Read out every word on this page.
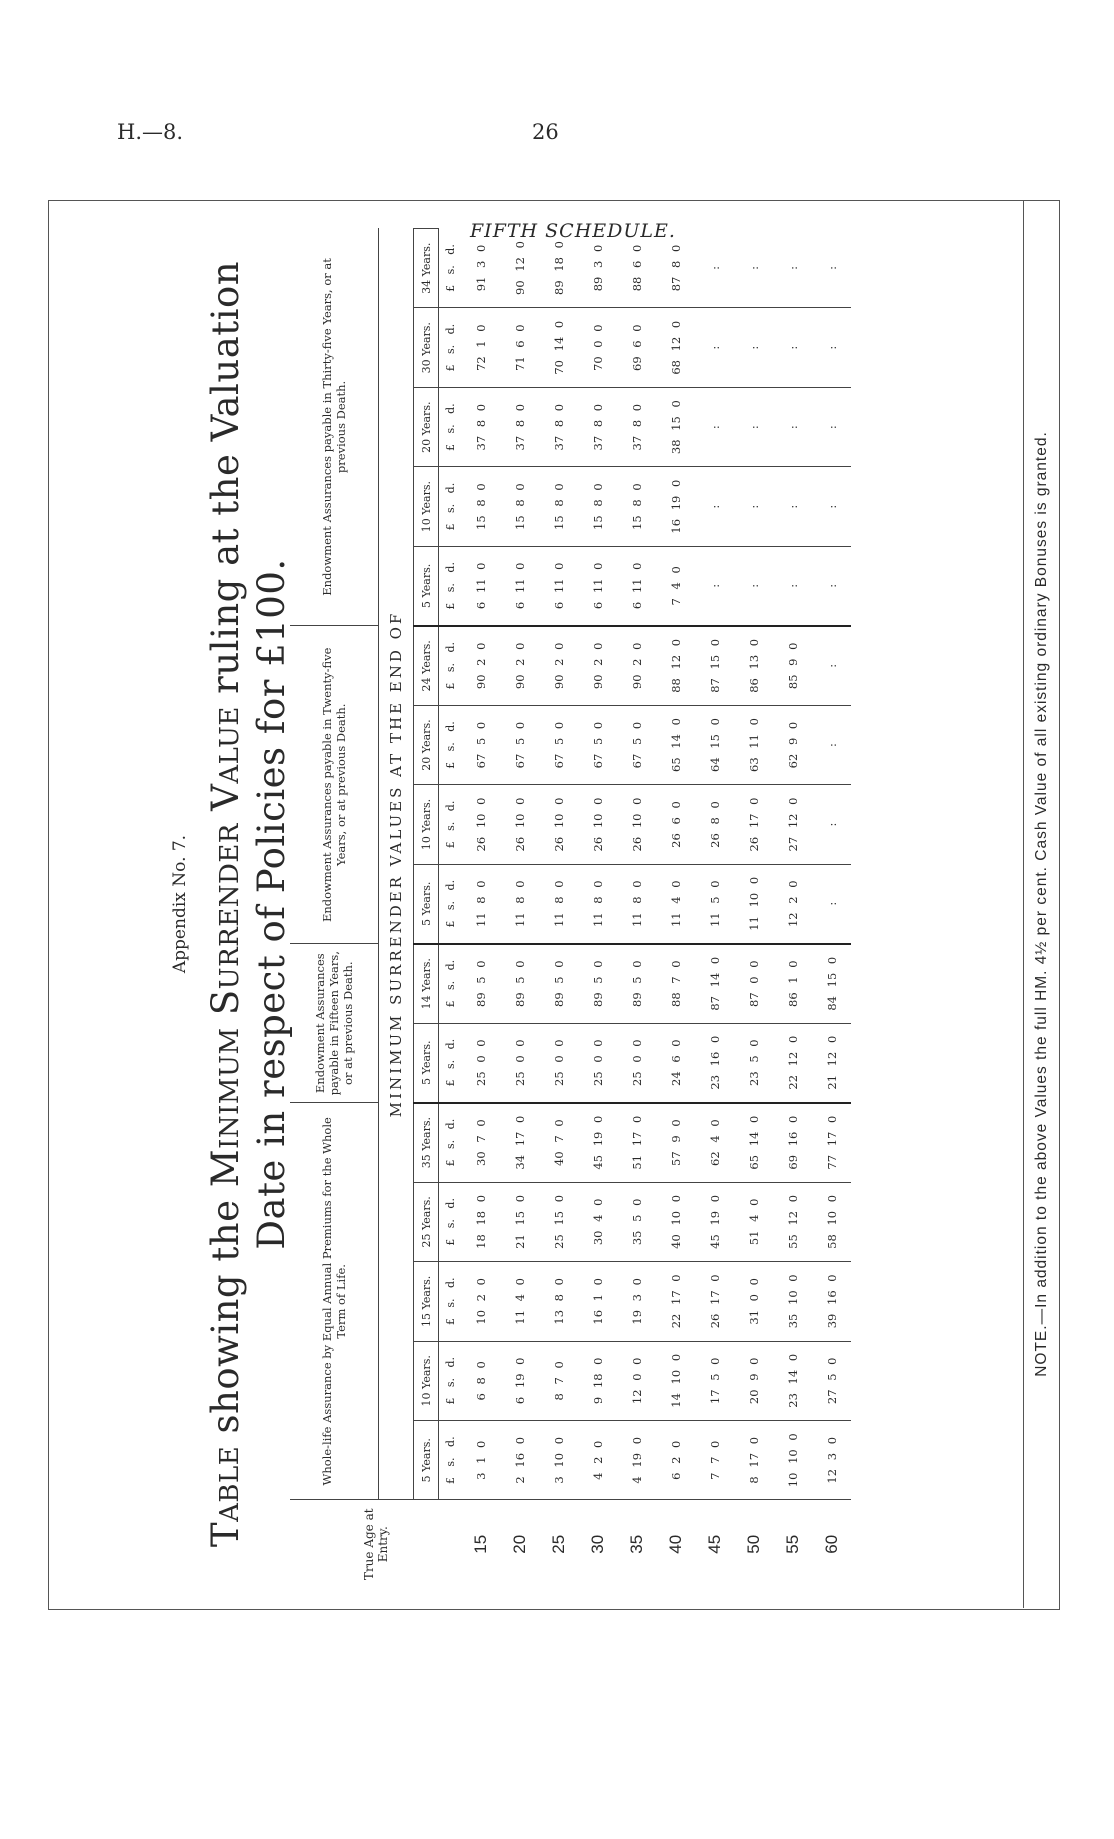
H.—8.	26
FIFTH SCHEDULE.
Appendix No. 7.
Table showing the Minimum Surrender Value ruling at the Valuation
Date in respect of Policies for £100.
True Age at Entry.	Whole-life Assurance by Equal Annual Premiums for the Whole Term of Life.					Endowment Assurances payable in Fifteen Years, or at previous Death.		Endowment Assurances payable in Twenty-five Years, or at previous Death.				Endowment Assurances payable in Thirty-five Years, or at previous Death.				
	MINIMUM SURRENDER VALUES AT THE END OF															
	5 Years.	10 Years.	15 Years.	25 Years.	35 Years.	5 Years.	14 Years.	5 Years.	10 Years.	20 Years.	24 Years.	5 Years.	10 Years.	20 Years.	30 Years.	34 Years.
	£ s. d.	£ s. d.	£ s. d.	£ s. d.	£ s. d.	£ s. d.	£ s. d.	£ s. d.	£ s. d.	£ s. d.	£ s. d.	£ s. d.	£ s. d.	£ s. d.	£ s. d.	£ s. d.
15	3 1 0	6 8 0	10 2 0	18 18 0	30 7 0	25 0 0	89 5 0	11 8 0	26 10 0	67 5 0	90 2 0	6 11 0	15 8 0	37 8 0	72 1 0	91 3 0
20	2 16 0	6 19 0	11 4 0	21 15 0	34 17 0	25 0 0	89 5 0	11 8 0	26 10 0	67 5 0	90 2 0	6 11 0	15 8 0	37 8 0	71 6 0	90 12 0
25	3 10 0	8 7 0	13 8 0	25 15 0	40 7 0	25 0 0	89 5 0	11 8 0	26 10 0	67 5 0	90 2 0	6 11 0	15 8 0	37 8 0	70 14 0	89 18 0
30	4 2 0	9 18 0	16 1 0	30 4 0	45 19 0	25 0 0	89 5 0	11 8 0	26 10 0	67 5 0	90 2 0	6 11 0	15 8 0	37 8 0	70 0 0	89 3 0
35	4 19 0	12 0 0	19 3 0	35 5 0	51 17 0	25 0 0	89 5 0	11 8 0	26 10 0	67 5 0	90 2 0	6 11 0	15 8 0	37 8 0	69 6 0	88 6 0
40	6 2 0	14 10 0	22 17 0	40 10 0	57 9 0	24 6 0	88 7 0	11 4 0	26 6 0	65 14 0	88 12 0	7 4 0	16 19 0	38 15 0	68 12 0	87 8 0
45	7 7 0	17 5 0	26 17 0	45 19 0	62 4 0	23 16 0	87 14 0	11 5 0	26 8 0	64 15 0	87 15 0	:	:	:	:	:
50	8 17 0	20 9 0	31 0 0	51 4 0	65 14 0	23 5 0	87 0 0	11 10 0	26 17 0	63 11 0	86 13 0	:	:	:	:	:
55	10 10 0	23 14 0	35 10 0	55 12 0	69 16 0	22 12 0	86 1 0	12 2 0	27 12 0	62 9 0	85 9 0	:	:	:	:	:
60	12 3 0	27 5 0	39 16 0	58 10 0	77 17 0	21 12 0	84 15 0	:	:	:	:	:	:	:	:	:
NOTE.—In addition to the above Values the full HM. 4½ per cent. Cash Value of all existing ordinary Bonuses is granted.
